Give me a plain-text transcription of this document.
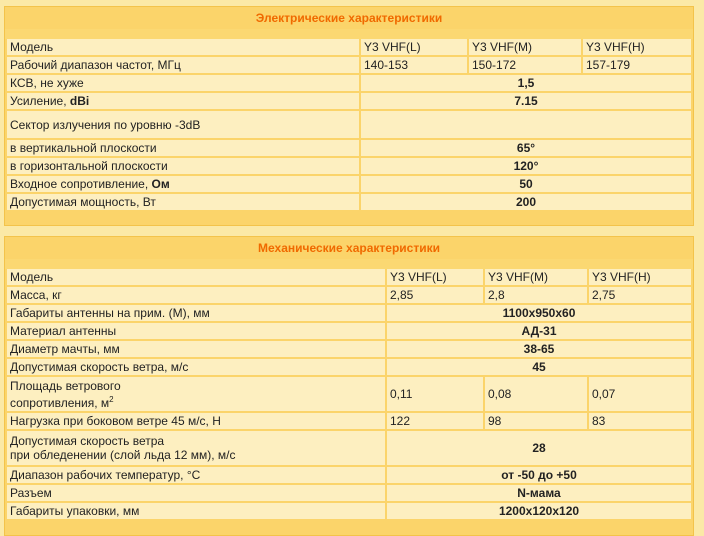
Электрические характеристики
Модель	Y3 VHF(L)	Y3 VHF(M)	Y3 VHF(H)
Рабочий диапазон частот, МГц	140-153	150-172	157-179
КСВ, не хуже	1,5		
Усиление, dBi	7.15		
Сектор излучения по уровню -3dB			
в вертикальной плоскости	65°		
в горизонтальной плоскости	120°		
Входное сопротивление, Ом	50		
Допустимая мощность, Вт	200		
Механические характеристики
Модель	Y3 VHF(L)	Y3 VHF(M)	Y3 VHF(H)
Масса, кг	2,85	2,8	2,75
Габариты антенны на прим. (М), мм	1100x950x60		
Материал антенны	АД-31		
Диаметр мачты, мм	38-65		
Допустимая скорость ветра, м/с	45		
Площадь ветрового
сопротивления, $м^2$	0,11	0,08	0,07
Нагрузка при боковом ветре 45 м/с, Н	122	98	83
Допустимая скорость ветра
при обледенении (слой льда 12 мм), м/с	28		
Диапазон рабочих температур, °С	от -50 до +50		
Разъем	N-мама		
Габариты упаковки, мм	1200x120x120		
